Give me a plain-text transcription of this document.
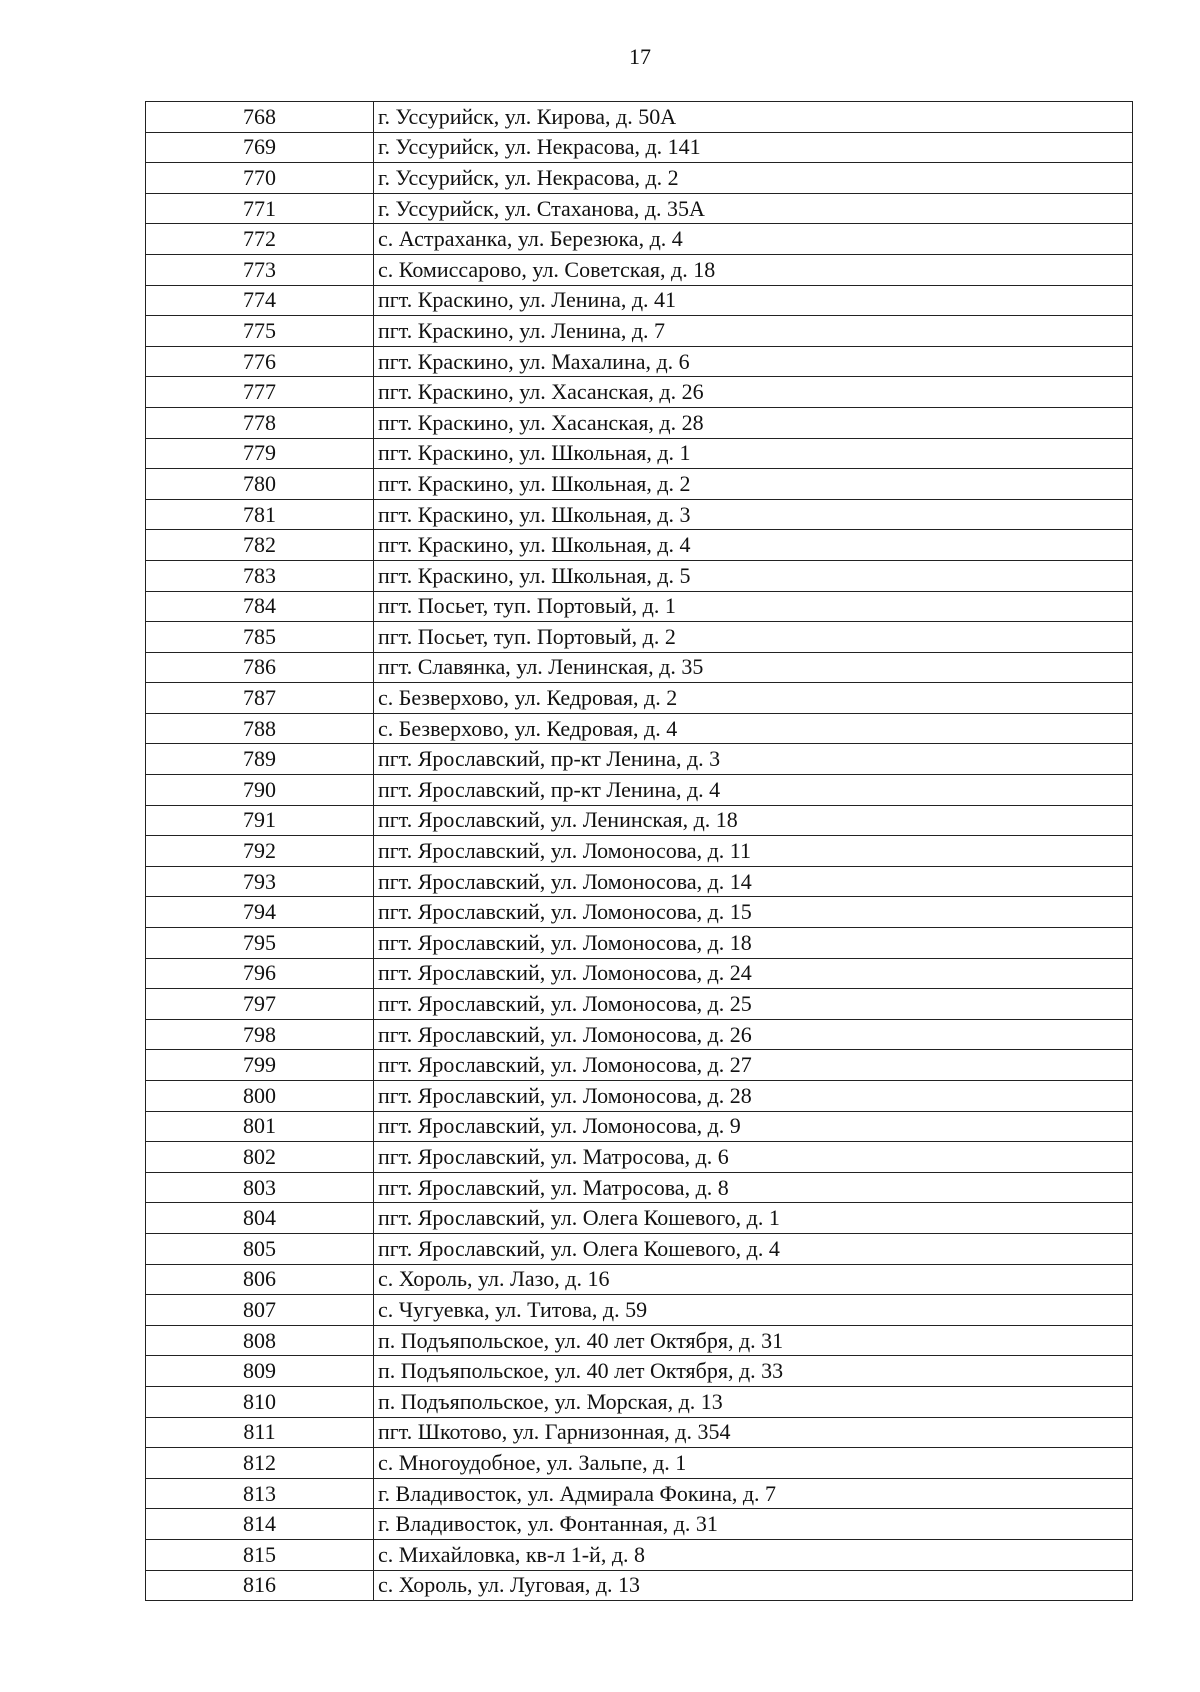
17
768	г. Уссурийск, ул. Кирова, д. 50А
769	г. Уссурийск, ул. Некрасова, д. 141
770	г. Уссурийск, ул. Некрасова, д. 2
771	г. Уссурийск, ул. Стаханова, д. 35А
772	с. Астраханка, ул. Березюка, д. 4
773	с. Комиссарово, ул. Советская, д. 18
774	пгт. Краскино, ул. Ленина, д. 41
775	пгт. Краскино, ул. Ленина, д. 7
776	пгт. Краскино, ул. Махалина, д. 6
777	пгт. Краскино, ул. Хасанская, д. 26
778	пгт. Краскино, ул. Хасанская, д. 28
779	пгт. Краскино, ул. Школьная, д. 1
780	пгт. Краскино, ул. Школьная, д. 2
781	пгт. Краскино, ул. Школьная, д. 3
782	пгт. Краскино, ул. Школьная, д. 4
783	пгт. Краскино, ул. Школьная, д. 5
784	пгт. Посьет, туп. Портовый, д. 1
785	пгт. Посьет, туп. Портовый, д. 2
786	пгт. Славянка, ул. Ленинская, д. 35
787	с. Безверхово, ул. Кедровая, д. 2
788	с. Безверхово, ул. Кедровая, д. 4
789	пгт. Ярославский, пр-кт Ленина, д. 3
790	пгт. Ярославский, пр-кт Ленина, д. 4
791	пгт. Ярославский, ул. Ленинская, д. 18
792	пгт. Ярославский, ул. Ломоносова, д. 11
793	пгт. Ярославский, ул. Ломоносова, д. 14
794	пгт. Ярославский, ул. Ломоносова, д. 15
795	пгт. Ярославский, ул. Ломоносова, д. 18
796	пгт. Ярославский, ул. Ломоносова, д. 24
797	пгт. Ярославский, ул. Ломоносова, д. 25
798	пгт. Ярославский, ул. Ломоносова, д. 26
799	пгт. Ярославский, ул. Ломоносова, д. 27
800	пгт. Ярославский, ул. Ломоносова, д. 28
801	пгт. Ярославский, ул. Ломоносова, д. 9
802	пгт. Ярославский, ул. Матросова, д. 6
803	пгт. Ярославский, ул. Матросова, д. 8
804	пгт. Ярославский, ул. Олега Кошевого, д. 1
805	пгт. Ярославский, ул. Олега Кошевого, д. 4
806	с. Хороль, ул. Лазо, д. 16
807	с. Чугуевка, ул. Титова, д. 59
808	п. Подъяпольское, ул. 40 лет Октября, д. 31
809	п. Подъяпольское, ул. 40 лет Октября, д. 33
810	п. Подъяпольское, ул. Морская, д. 13
811	пгт. Шкотово, ул. Гарнизонная, д. 354
812	с. Многоудобное, ул. Зальпе, д. 1
813	г. Владивосток, ул. Адмирала Фокина, д. 7
814	г. Владивосток, ул. Фонтанная, д. 31
815	с. Михайловка, кв-л 1-й, д. 8
816	с. Хороль, ул. Луговая, д. 13
